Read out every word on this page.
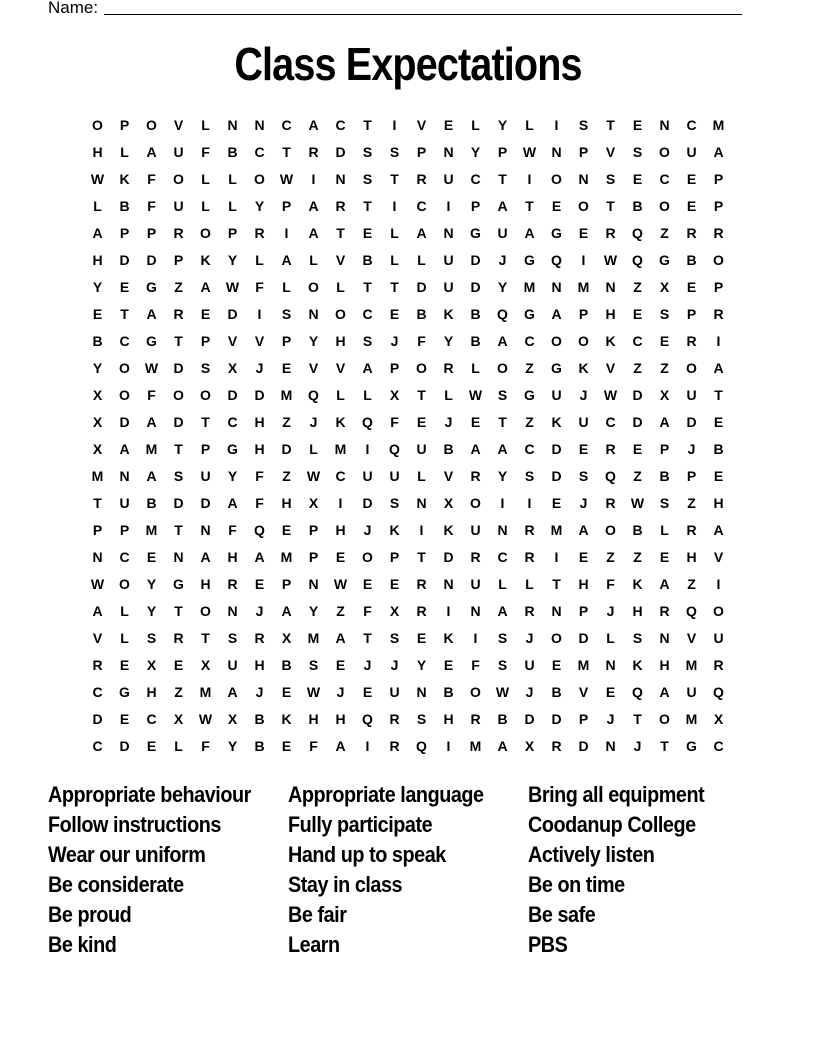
Name:
Class Expectations
O	P	O	V	L	N	N	C	A	C	T	I	V	E	L	Y	L	I	S	T	E	N	C	M
H	L	A	U	F	B	C	T	R	D	S	S	P	N	Y	P	W	N	P	V	S	O	U	A
W	K	F	O	L	L	O	W	I	N	S	T	R	U	C	T	I	O	N	S	E	C	E	P
L	B	F	U	L	L	Y	P	A	R	T	I	C	I	P	A	T	E	O	T	B	O	E	P
A	P	P	R	O	P	R	I	A	T	E	L	A	N	G	U	A	G	E	R	Q	Z	R	R
H	D	D	P	K	Y	L	A	L	V	B	L	L	U	D	J	G	Q	I	W	Q	G	B	O
Y	E	G	Z	A	W	F	L	O	L	T	T	D	U	D	Y	M	N	M	N	Z	X	E	P
E	T	A	R	E	D	I	S	N	O	C	E	B	K	B	Q	G	A	P	H	E	S	P	R
B	C	G	T	P	V	V	P	Y	H	S	J	F	Y	B	A	C	O	O	K	C	E	R	I
Y	O	W	D	S	X	J	E	V	V	A	P	O	R	L	O	Z	G	K	V	Z	Z	O	A
X	O	F	O	O	D	D	M	Q	L	L	X	T	L	W	S	G	U	J	W	D	X	U	T
X	D	A	D	T	C	H	Z	J	K	Q	F	E	J	E	T	Z	K	U	C	D	A	D	E
X	A	M	T	P	G	H	D	L	M	I	Q	U	B	A	A	C	D	E	R	E	P	J	B
M	N	A	S	U	Y	F	Z	W	C	U	U	L	V	R	Y	S	D	S	Q	Z	B	P	E
T	U	B	D	D	A	F	H	X	I	D	S	N	X	O	I	I	E	J	R	W	S	Z	H
P	P	M	T	N	F	Q	E	P	H	J	K	I	K	U	N	R	M	A	O	B	L	R	A
N	C	E	N	A	H	A	M	P	E	O	P	T	D	R	C	R	I	E	Z	Z	E	H	V
W	O	Y	G	H	R	E	P	N	W	E	E	R	N	U	L	L	T	H	F	K	A	Z	I
A	L	Y	T	O	N	J	A	Y	Z	F	X	R	I	N	A	R	N	P	J	H	R	Q	O
V	L	S	R	T	S	R	X	M	A	T	S	E	K	I	S	J	O	D	L	S	N	V	U
R	E	X	E	X	U	H	B	S	E	J	J	Y	E	F	S	U	E	M	N	K	H	M	R
C	G	H	Z	M	A	J	E	W	J	E	U	N	B	O	W	J	B	V	E	Q	A	U	Q
D	E	C	X	W	X	B	K	H	H	Q	R	S	H	R	B	D	D	P	J	T	O	M	X
C	D	E	L	F	Y	B	E	F	A	I	R	Q	I	M	A	X	R	D	N	J	T	G	C
Appropriate behaviour	Appropriate language	Bring all equipment
Follow instructions	Fully participate	Coodanup College
Wear our uniform	Hand up to speak	Actively listen
Be considerate	Stay in class	Be on time
Be proud	Be fair	Be safe
Be kind	Learn	PBS
